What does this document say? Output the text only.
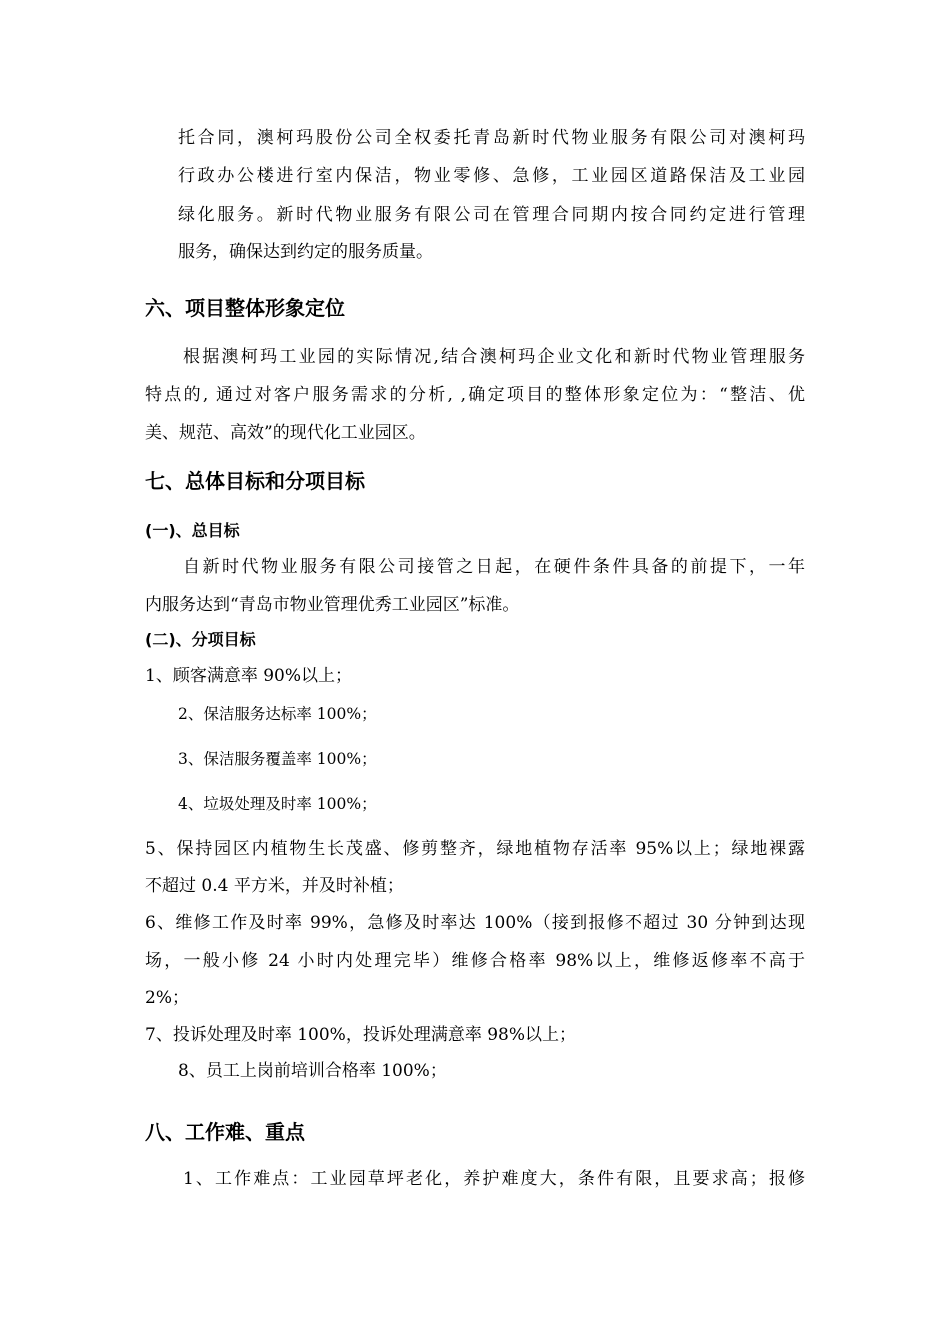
托合同，澳柯玛股份公司全权委托青岛新时代物业服务有限公司对澳柯玛
行政办公楼进行室内保洁，物业零修、急修，工业园区道路保洁及工业园
绿化服务。新时代物业服务有限公司在管理合同期内按合同约定进行管理
服务，确保达到约定的服务质量。
六、项目整体形象定位
根据澳柯玛工业园的实际情况,结合澳柯玛企业文化和新时代物业管理服务
特点的, 通过对客户服务需求的分析, ,确定项目的整体形象定位为：“整洁、优
美、规范、高效”的现代化工业园区。
七、总体目标和分项目标
(一)、总目标
自新时代物业服务有限公司接管之日起，在硬件条件具备的前提下，一年
内服务达到“青岛市物业管理优秀工业园区”标准。
(二)、分项目标
1、顾客满意率 90%以上；
2、保洁服务达标率 100%；
3、保洁服务覆盖率 100%；
4、垃圾处理及时率 100%；
5、保持园区内植物生长茂盛、修剪整齐，绿地植物存活率 95%以上；绿地裸露
不超过 0.4 平方米，并及时补植；
6、维修工作及时率 99%，急修及时率达 100%（接到报修不超过 30 分钟到达现
场，一般小修 24 小时内处理完毕）维修合格率 98%以上，维修返修率不高于
2%；
7、投诉处理及时率 100%，投诉处理满意率 98%以上；
8、员工上岗前培训合格率 100%；
八、工作难、重点
1、工作难点：工业园草坪老化，养护难度大，条件有限，且要求高；报修
